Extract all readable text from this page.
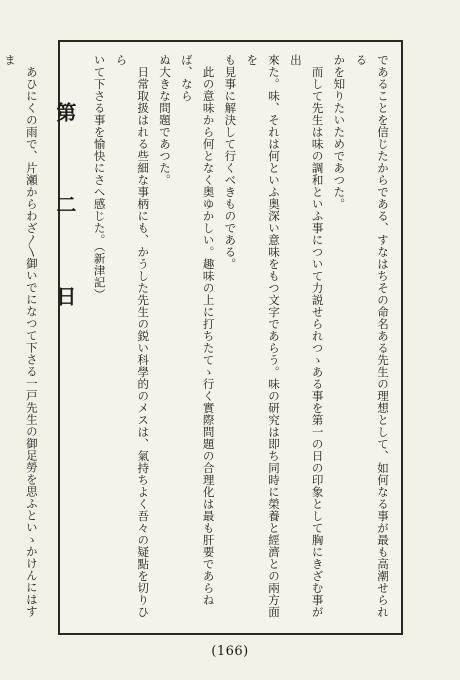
であることを信じたからである、すなはちその命名ある先生の理想として、如何なる事が最も高潮せられる

かを知りたいためであつた。

而して先生は味の調和といふ事について力説せられつゝある事を第一の日の印象として胸にきざむ事が出

來た。味、それは何といふ奥深い意味をもつ文字であらう。味の研究は即ち同時に榮養と經濟との兩方面を

も見事に解決して行くべきものである。

此の意味から何となく奥ゆかしい。趣味の上に打ちたてゝ行く實際問題の合理化は最も肝要であらねば、なら

ぬ大きな問題であつた。

日常取扱はれる些細な事柄にも、かうした先生の鋭い科學的のメスは、氣持ちよく吾々の疑點を切りひら

いて下さる事を愉快にさへ感じた。（新津記）

第　二　日

あひにくの雨で、片瀬からわざ〳〵御いでになつて下さる一戸先生の御足勞を思ふといゝかけんにはすま

(166)
